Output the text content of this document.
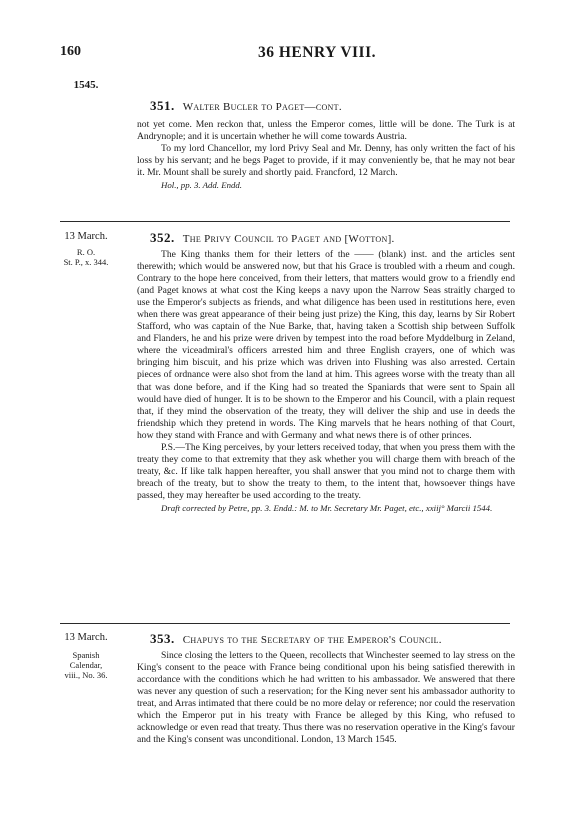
160	36 HENRY VIII.
1545.
351. Walter Bucler to Paget—cont.

not yet come. Men reckon that, unless the Emperor comes, little will be done. The Turk is at Andrynople; and it is uncertain whether he will come towards Austria.

To my lord Chancellor, my lord Privy Seal and Mr. Denny, has only written the fact of his loss by his servant; and he begs Paget to provide, if it may conveniently be, that he may not bear it. Mr. Mount shall be surely and shortly paid. Francford, 12 March.

Hol., pp. 3. Add. Endd.

13 March.
R. O.
St. P., x. 344.
352. The Privy Council to Paget and [Wotton].

The King thanks them for their letters of the —— (blank) inst. and the articles sent therewith; which would be answered now, but that his Grace is troubled with a rheum and cough. Contrary to the hope here conceived, from their letters, that matters would grow to a friendly end (and Paget knows at what cost the King keeps a navy upon the Narrow Seas straitly charged to use the Emperor's subjects as friends, and what diligence has been used in restitutions here, even when there was great appearance of their being just prize) the King, this day, learns by Sir Robert Stafford, who was captain of the Nue Barke, that, having taken a Scottish ship between Suffolk and Flanders, he and his prize were driven by tempest into the road before Myddelburg in Zeland, where the viceadmiral's officers arrested him and three English crayers, one of which was bringing him biscuit, and his prize which was driven into Flushing was also arrested. Certain pieces of ordnance were also shot from the land at him. This agrees worse with the treaty than all that was done before, and if the King had so treated the Spaniards that were sent to Spain all would have died of hunger. It is to be shown to the Emperor and his Council, with a plain request that, if they mind the observation of the treaty, they will deliver the ship and use in deeds the friendship which they pretend in words. The King marvels that he hears nothing of that Court, how they stand with France and with Germany and what news there is of other princes.

P.S.—The King perceives, by your letters received today, that when you press them with the treaty they come to that extremity that they ask whether you will charge them with breach of the treaty, &c. If like talk happen hereafter, you shall answer that you mind not to charge them with breach of the treaty, but to show the treaty to them, to the intent that, howsoever things have passed, they may hereafter be used according to the treaty.

Draft corrected by Petre, pp. 3. Endd.: M. to Mr. Secretary Mr. Paget, etc., xxiij° Marcii 1544.

13 March.
Spanish
Calendar,
viii., No. 36.
353. Chapuys to the Secretary of the Emperor's Council.

Since closing the letters to the Queen, recollects that Winchester seemed to lay stress on the King's consent to the peace with France being conditional upon his being satisfied therewith in accordance with the conditions which he had written to his ambassador. We answered that there was never any question of such a reservation; for the King never sent his ambassador authority to treat, and Arras intimated that there could be no more delay or reference; nor could the reservation which the Emperor put in his treaty with France be alleged by this King, who refused to acknowledge or even read that treaty. Thus there was no reservation operative in the King's favour and the King's consent was unconditional. London, 13 March 1545.
